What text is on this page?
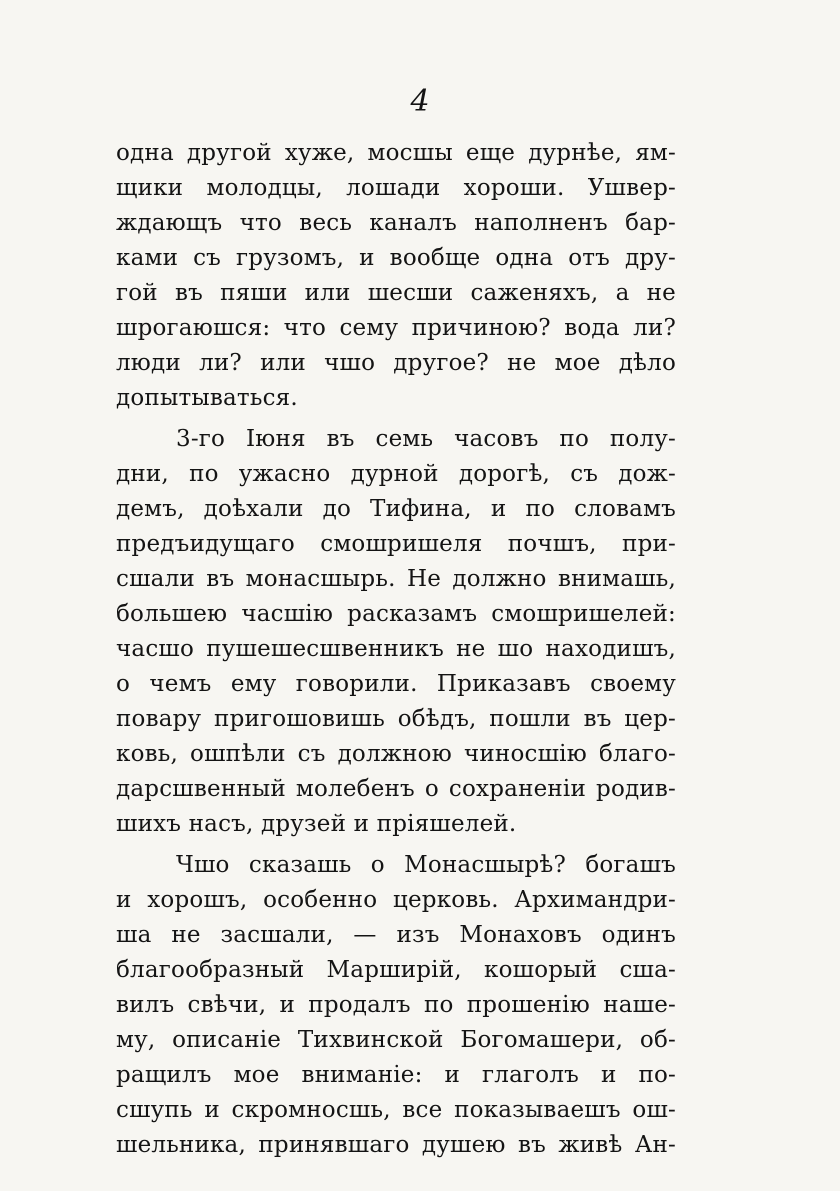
4
одна другой хуже, мосшы еще дурнѣе, ям-
щики молодцы, лошади хороши. Ушвер-
ждающъ что весь каналъ наполненъ бар-
ками съ грузомъ, и вообще одна отъ дру-
гой въ пяши или шесши саженяхъ, а не
шрогаюшся: что сему причиною? вода ли?
люди ли? или чшо другое? не мое дѣло
допытываться.
3-го Іюня въ семь часовъ по полу-
дни, по ужасно дурной дорогѣ, съ дож-
демъ, доѣхали до Тифина, и по словамъ
предъидущаго смошришеля почшъ, при-
сшали въ монасшырь. Не должно внимашь,
большею часшію расказамъ смошришелей:
часшо пушешесшвенникъ не шо находишъ,
о чемъ ему говорили. Приказавъ своему
повару пригошовишь обѣдъ, пошли въ цер-
ковь, ошпѣли съ должною чиносшію благо-
дарсшвенный молебенъ о сохраненіи родив-
шихъ насъ, друзей и пріяшелей.
Чшо сказашь о Монасшырѣ? богашъ
и хорошъ, особенно церковь. Архимандри-
ша не засшали, — изъ Монаховъ одинъ
благообразный Марширій, кошорый сша-
вилъ свѣчи, и продалъ по прошенію наше-
му, описаніе Тихвинской Богомашери, об-
ращилъ мое вниманіе: и глаголъ и по-
сшупь и скромносшь, все показываешъ ош-
шельника, принявшаго душею въ живѣ Ан-
